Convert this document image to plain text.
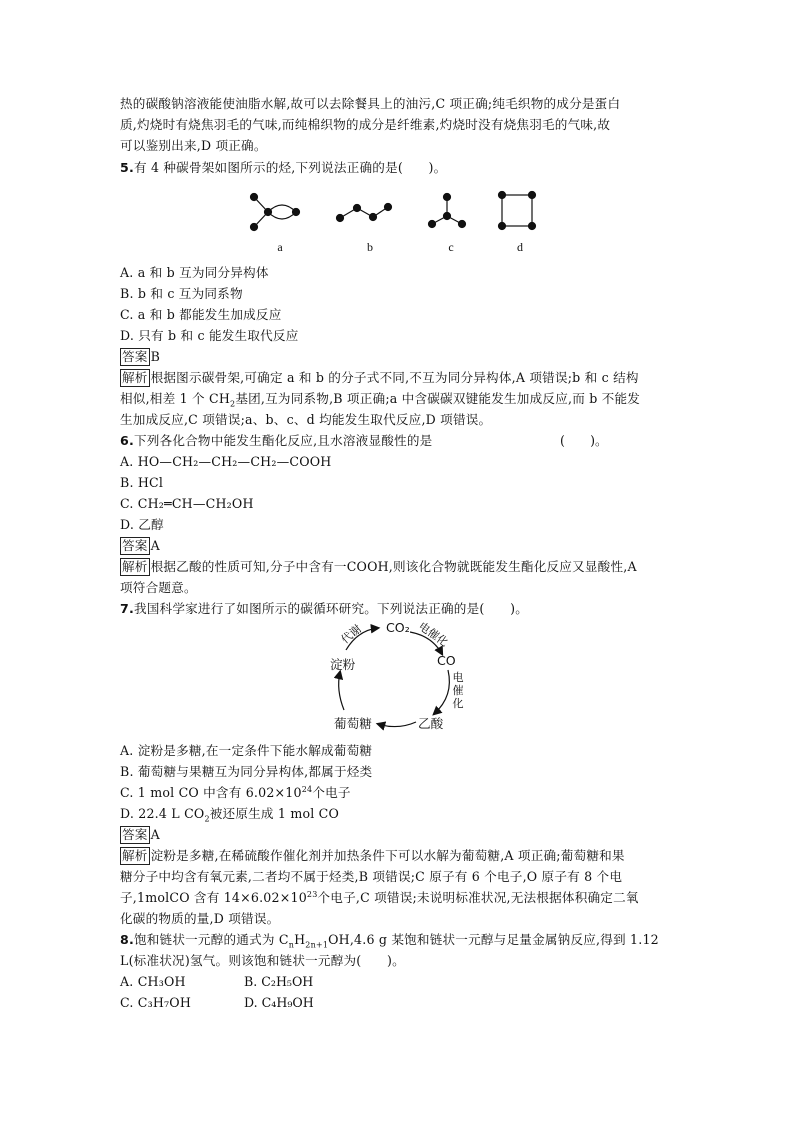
热的碳酸钠溶液能使油脂水解,故可以去除餐具上的油污,C 项正确;纯毛织物的成分是蛋白
质,灼烧时有烧焦羽毛的气味,而纯棉织物的成分是纤维素,灼烧时没有烧焦羽毛的气味,故
可以鉴别出来,D 项正确。
5.有 4 种碳骨架如图所示的烃,下列说法正确的是(　　)。
a	b	c	d
A. a 和 b 互为同分异构体
B. b 和 c 互为同系物
C. a 和 b 都能发生加成反应
D. 只有 b 和 c 能发生取代反应
答案 B
解析 根据图示碳骨架,可确定 a 和 b 的分子式不同,不互为同分异构体,A 项错误;b 和 c 结构
相似,相差 1 个 $CH_2$基团,互为同系物,B 项正确;a 中含碳碳双键能发生加成反应,而 b 不能发
生加成反应,C 项错误;a、b、c、d 均能发生取代反应,D 项错误。
6.下列各化合物中能发生酯化反应,且水溶液显酸性的是	(　　)。
A. HO—CH₂—CH₂—CH₂—COOH
B. HCl
C. CH₂═CH—CH₂OH
D. 乙醇
答案 A
解析 根据乙酸的性质可知,分子中含有一COOH,则该化合物就既能发生酯化反应又显酸性,A
项符合题意。
7.我国科学家进行了如图所示的碳循环研究。下列说法正确的是(　　)。
CO₂
CO
淀粉
葡萄糖	乙酸
代谢	电催化
电
催
化
A. 淀粉是多糖,在一定条件下能水解成葡萄糖
B. 葡萄糖与果糖互为同分异构体,都属于烃类
C. 1 mol CO 中含有 $6.02\times 10^{24}$个电子
D. 22.4 L $CO_2$被还原生成 1 mol CO
答案 A
解析 淀粉是多糖,在稀硫酸作催化剂并加热条件下可以水解为葡萄糖,A 项正确;葡萄糖和果
糖分子中均含有氧元素,二者均不属于烃类,B 项错误;C 原子有 6 个电子,O 原子有 8 个电
子,1molCO 含有 $14\times 6.02\times 10^{23}$个电子,C 项错误;未说明标准状况,无法根据体积确定二氧
化碳的物质的量,D 项错误。
8.饱和链状一元醇的通式为 $C_nH_{2n+1}OH,4.6$ g 某饱和链状一元醇与足量金属钠反应,得到 1.12
L(标准状况)氢气。则该饱和链状一元醇为(　　)。
A. CH₃OH	B. C₂H₅OH
C. C₃H₇OH	D. C₄H₉OH
